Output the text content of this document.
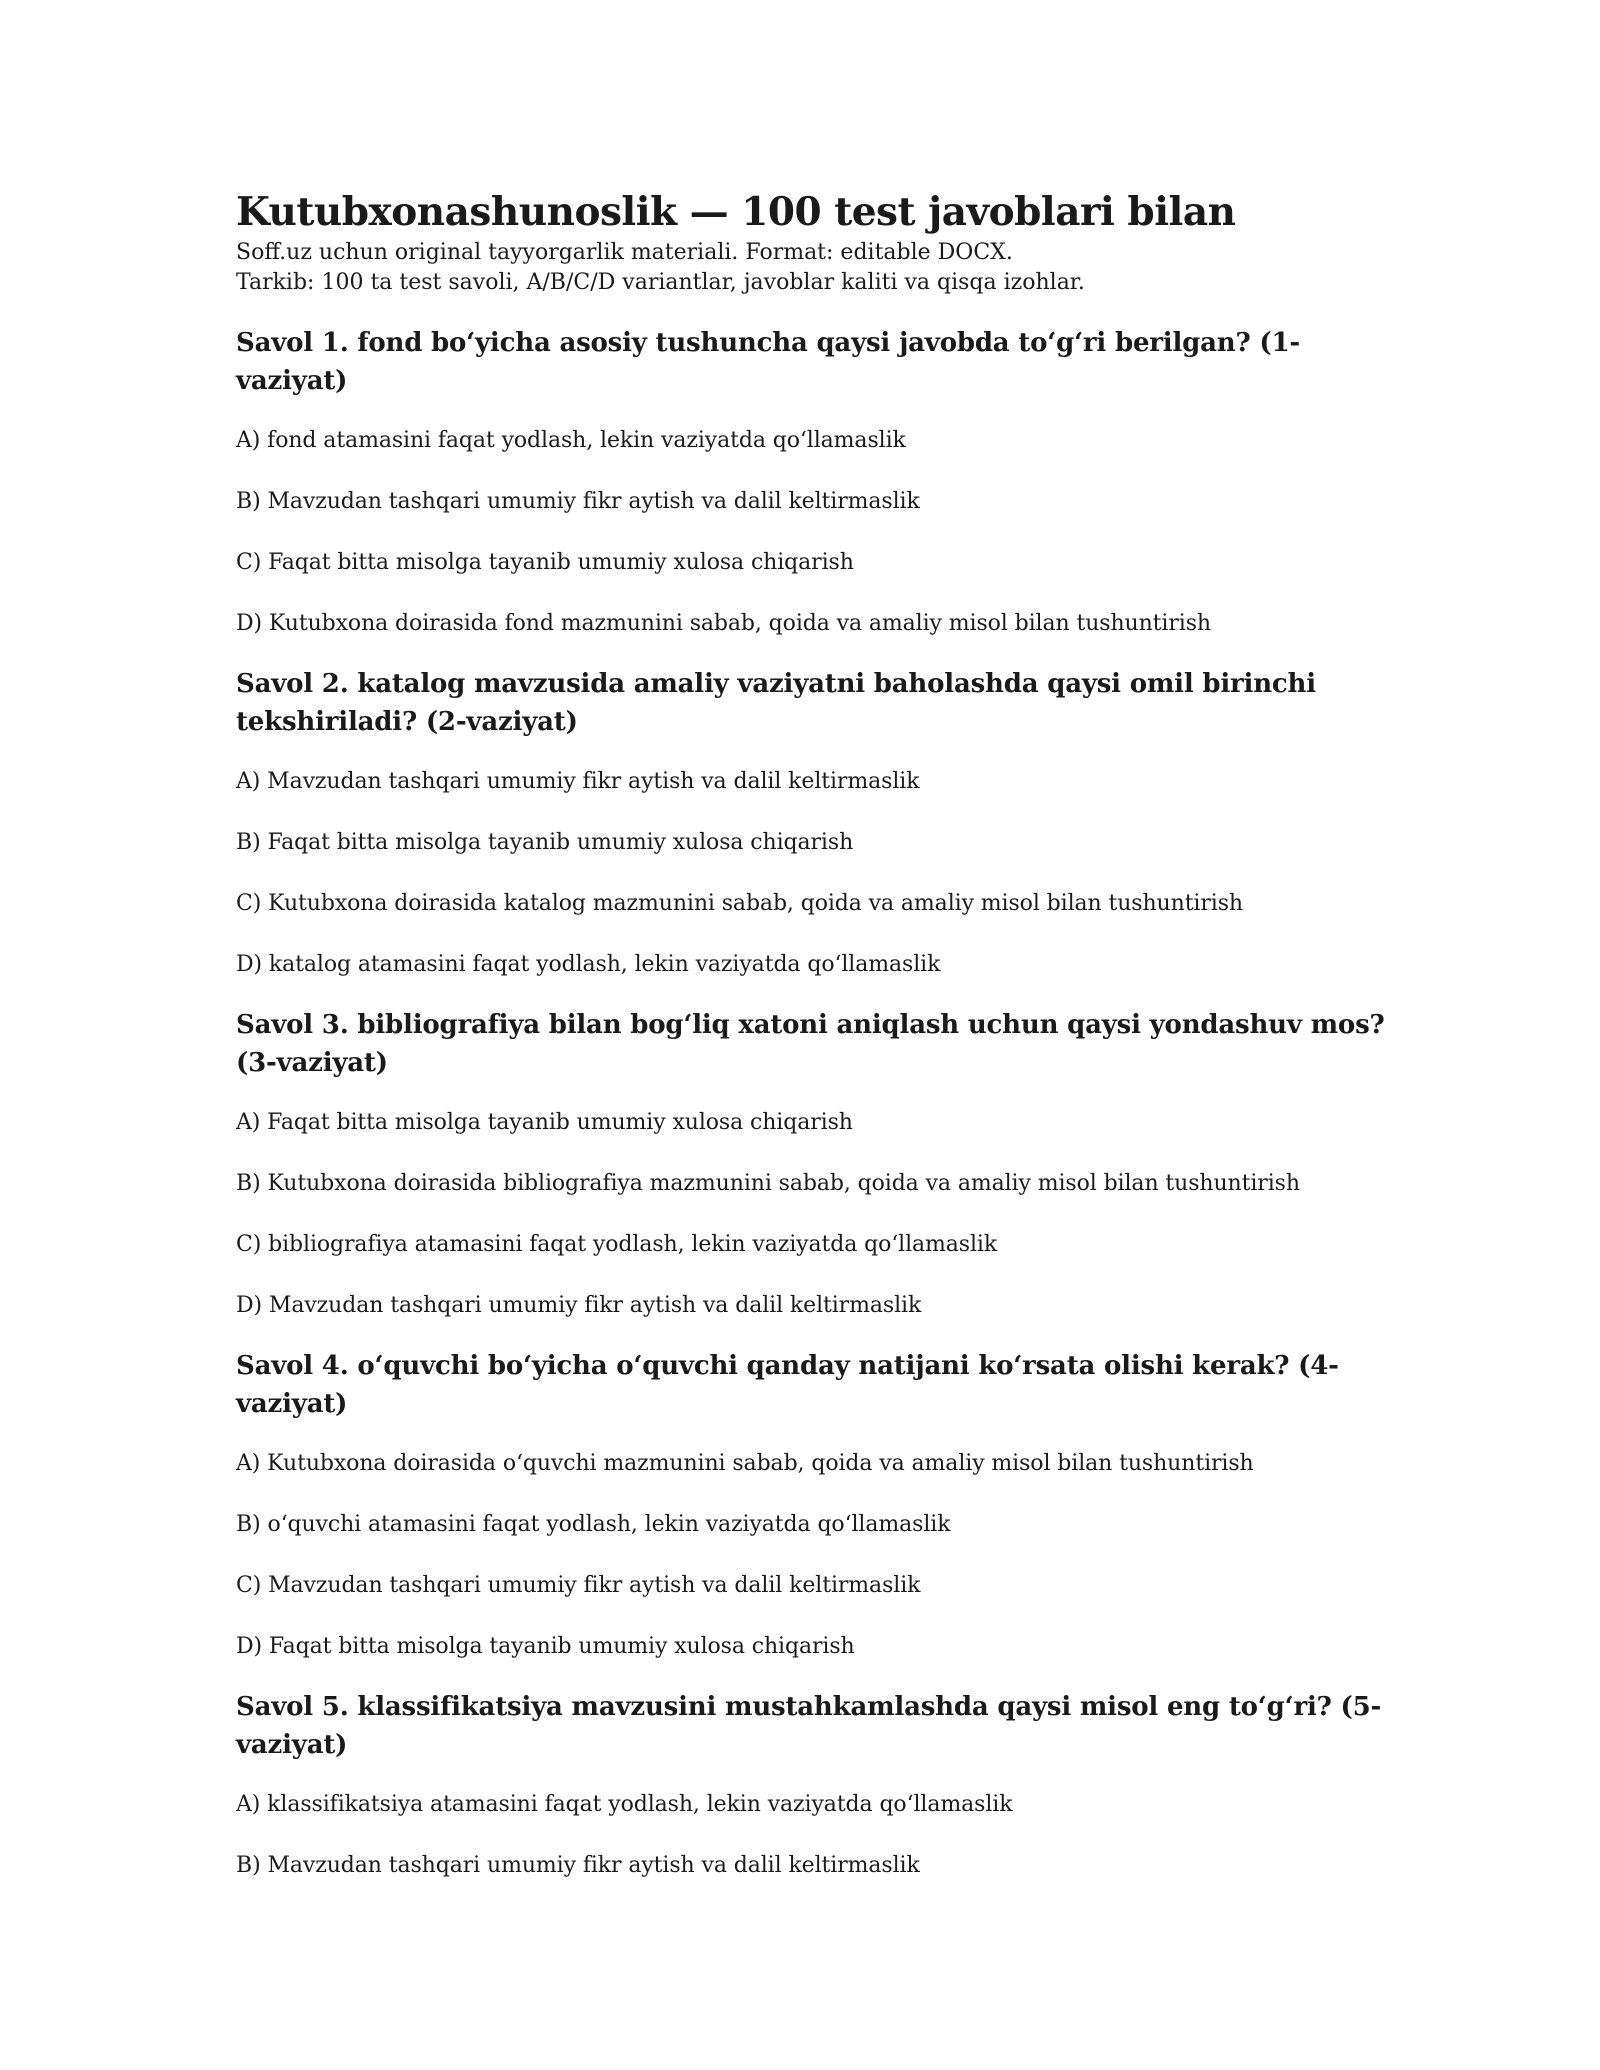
Kutubxonashunoslik — 100 test javoblari bilan

Soff.uz uchun original tayyorgarlik materiali. Format: editable DOCX.

Tarkib: 100 ta test savoli, A/B/C/D variantlar, javoblar kaliti va qisqa izohlar.

Savol 1. fond bo‘yicha asosiy tushuncha qaysi javobda to‘g‘ri berilgan? (1-vaziyat)

A) fond atamasini faqat yodlash, lekin vaziyatda qo‘llamaslik
B) Mavzudan tashqari umumiy fikr aytish va dalil keltirmaslik
C) Faqat bitta misolga tayanib umumiy xulosa chiqarish
D) Kutubxona doirasida fond mazmunini sabab, qoida va amaliy misol bilan tushuntirish

Savol 2. katalog mavzusida amaliy vaziyatni baholashda qaysi omil birinchi tekshiriladi? (2-vaziyat)

A) Mavzudan tashqari umumiy fikr aytish va dalil keltirmaslik
B) Faqat bitta misolga tayanib umumiy xulosa chiqarish
C) Kutubxona doirasida katalog mazmunini sabab, qoida va amaliy misol bilan tushuntirish
D) katalog atamasini faqat yodlash, lekin vaziyatda qo‘llamaslik

Savol 3. bibliografiya bilan bog‘liq xatoni aniqlash uchun qaysi yondashuv mos? (3-vaziyat)

A) Faqat bitta misolga tayanib umumiy xulosa chiqarish
B) Kutubxona doirasida bibliografiya mazmunini sabab, qoida va amaliy misol bilan tushuntirish
C) bibliografiya atamasini faqat yodlash, lekin vaziyatda qo‘llamaslik
D) Mavzudan tashqari umumiy fikr aytish va dalil keltirmaslik

Savol 4. o‘quvchi bo‘yicha o‘quvchi qanday natijani ko‘rsata olishi kerak? (4-vaziyat)

A) Kutubxona doirasida o‘quvchi mazmunini sabab, qoida va amaliy misol bilan tushuntirish
B) o‘quvchi atamasini faqat yodlash, lekin vaziyatda qo‘llamaslik
C) Mavzudan tashqari umumiy fikr aytish va dalil keltirmaslik
D) Faqat bitta misolga tayanib umumiy xulosa chiqarish

Savol 5. klassifikatsiya mavzusini mustahkamlashda qaysi misol eng to‘g‘ri? (5-vaziyat)

A) klassifikatsiya atamasini faqat yodlash, lekin vaziyatda qo‘llamaslik
B) Mavzudan tashqari umumiy fikr aytish va dalil keltirmaslik
